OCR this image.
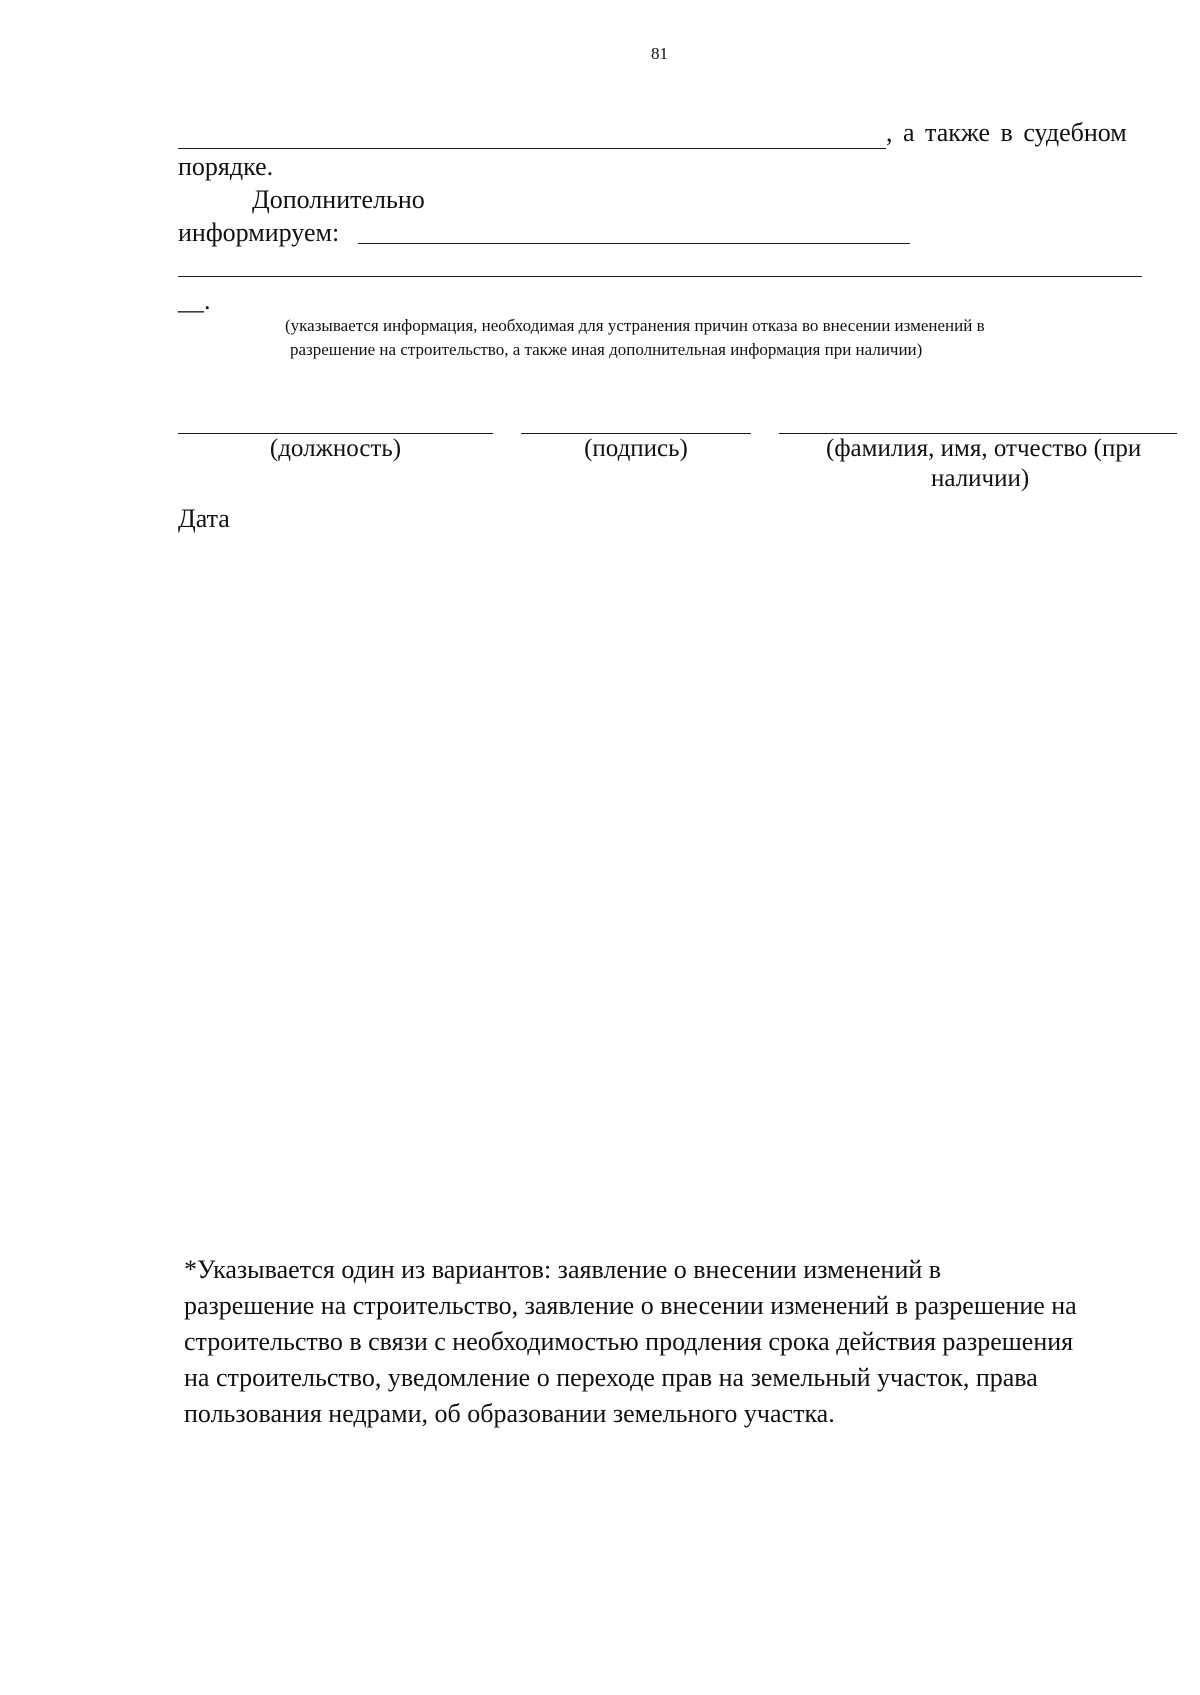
81
, а также в судебном
порядке.
Дополнительно
информируем:
__.
(указывается информация, необходимая для устранения причин отказа во внесении изменений в
разрешение на строительство, а также иная дополнительная информация при наличии)
(должность)	(подпись)	(фамилия, имя, отчество (при
наличии)
Дата
*Указывается один из вариантов: заявление о внесении изменений в
разрешение на строительство, заявление о внесении изменений в разрешение на
строительство в связи с необходимостью продления срока действия разрешения
на строительство, уведомление о переходе прав на земельный участок, права
пользования недрами, об образовании земельного участка.
